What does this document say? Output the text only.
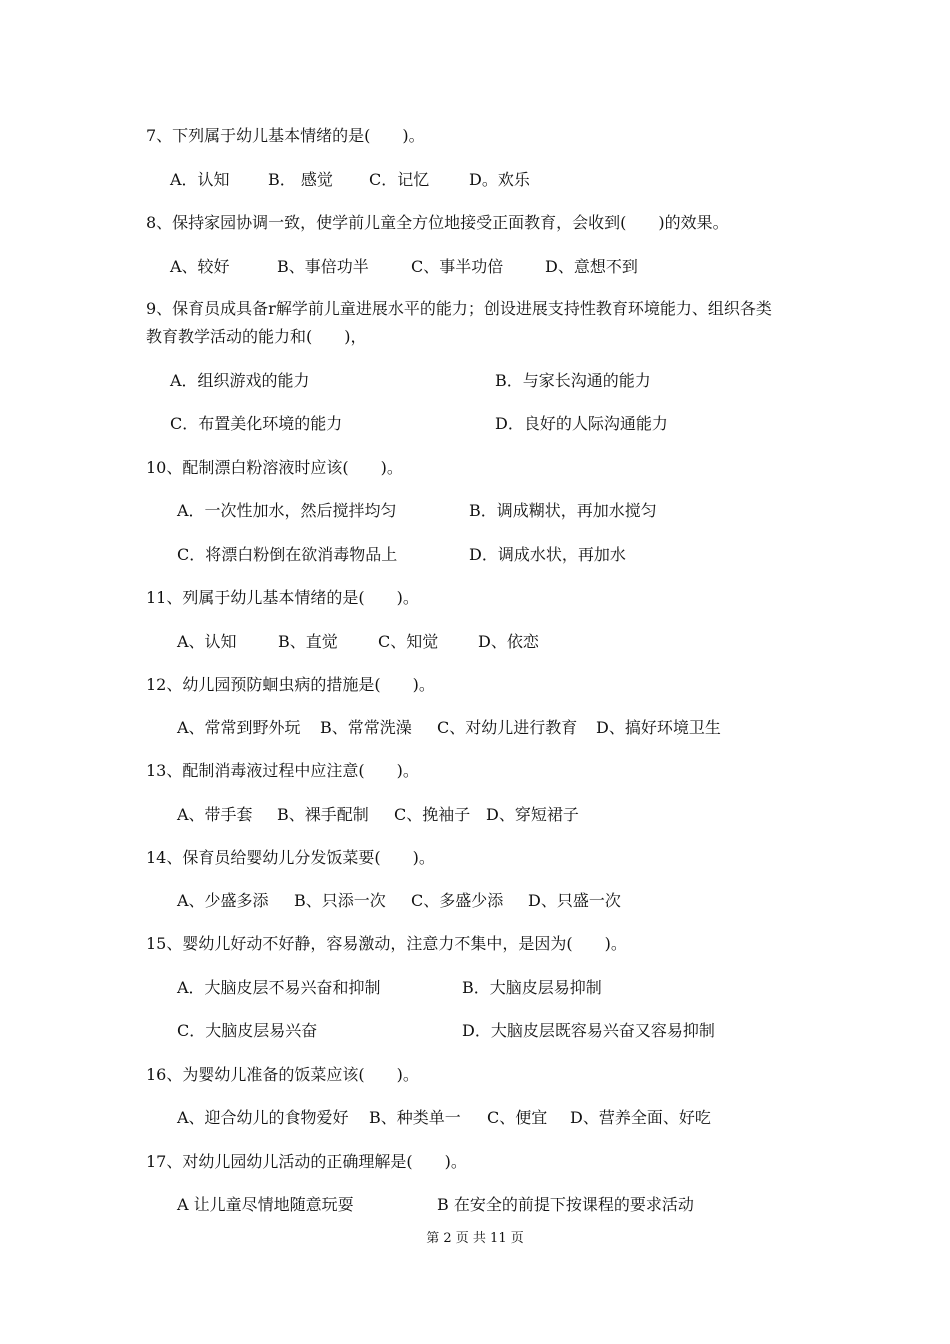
7、下列属于幼儿基本情绪的是(　　)。
A．认知 B． 感觉 C．记忆 D。欢乐
8、保持家园协调一致，使学前儿童全方位地接受正面教育，会收到(　　)的效果。
A、较好	B、事倍功半	C、事半功倍	D、意想不到
9、保育员成具备r解学前儿童进展水平的能力；创设进展支持性教育环境能力、组织各类
教育教学活动的能力和(　　)，
A．组织游戏的能力	B．与家长沟通的能力
C．布置美化环境的能力	D．良好的人际沟通能力
10、配制漂白粉溶液时应该(　　)。
A．一次性加水，然后搅拌均匀	B．调成糊状，再加水搅匀
C．将漂白粉倒在欲消毒物品上	D．调成水状，再加水
11、列属于幼儿基本情绪的是(　　)。
A、认知	B、直觉	C、知觉 D、依恋
12、幼儿园预防蛔虫病的措施是(　　)。
A、常常到野外玩 B、常常洗澡 C、对幼儿进行教育 D、搞好环境卫生
13、配制消毒液过程中应注意(　　)。
A、带手套 B、裸手配制 C、挽袖子 D、穿短裙子
14、保育员给婴幼儿分发饭菜要(　　)。
A、少盛多添 B、只添一次 C、多盛少添 D、只盛一次
15、婴幼儿好动不好静，容易激动，注意力不集中，是因为(　　)。
A．大脑皮层不易兴奋和抑制	B．大脑皮层易抑制
C．大脑皮层易兴奋	D．大脑皮层既容易兴奋又容易抑制
16、为婴幼儿准备的饭菜应该(　　)。
A、迎合幼儿的食物爱好 B、种类单一 C、便宜 D、营养全面、好吃
17、对幼儿园幼儿活动的正确理解是(　　)。
A 让儿童尽情地随意玩耍	B 在安全的前提下按课程的要求活动
第 2 页 共 11 页
